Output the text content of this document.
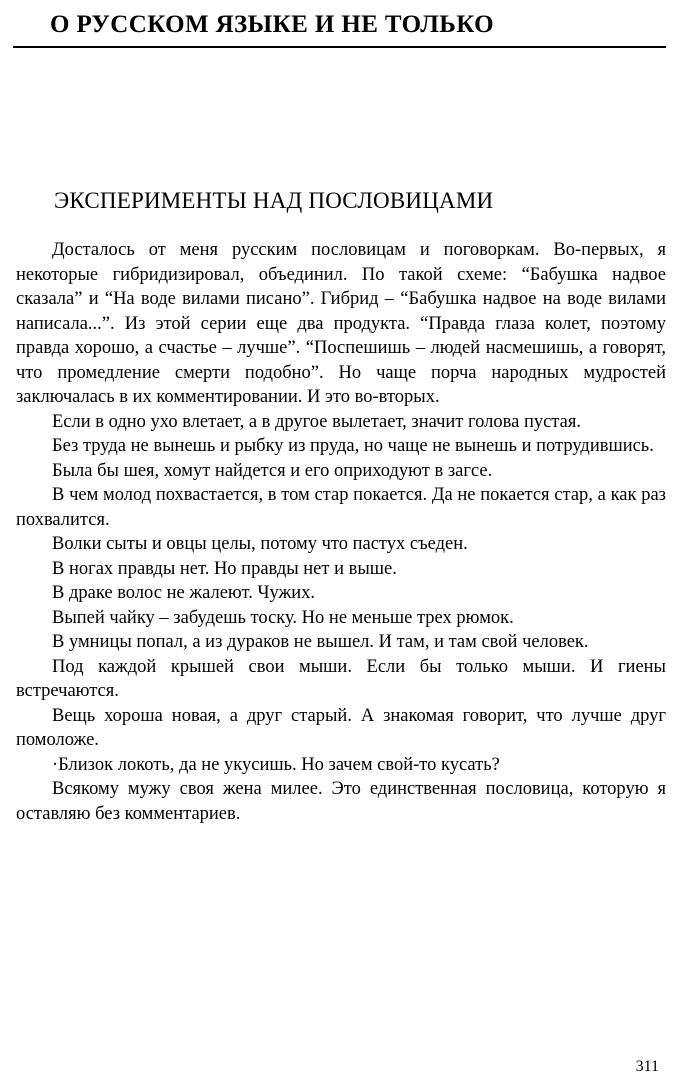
О РУССКОМ ЯЗЫКЕ И НЕ ТОЛЬКО
ЭКСПЕРИМЕНТЫ НАД ПОСЛОВИЦАМИ

Досталось от меня русским пословицам и поговоркам. Во-первых, я некоторые гибридизировал, объединил. По такой схеме: “Бабушка надвое сказала” и “На воде вилами писано”. Гибрид – “Бабушка надвое на воде вилами написала...”. Из этой серии еще два продукта. “Правда глаза колет, поэтому правда хорошо, а счастье – лучше”. “Поспешишь – людей насмешишь, а говорят, что промедление смерти подобно”. Но чаще порча народных мудростей заключалась в их комментировании. И это во-вторых.

Если в одно ухо влетает, а в другое вылетает, значит голова пустая.

Без труда не вынешь и рыбку из пруда, но чаще не вынешь и потрудившись.

Была бы шея, хомут найдется и его оприходуют в загсе.

В чем молод похвастается, в том стар покается. Да не покается стар, а как раз похвалится.

Волки сыты и овцы целы, потому что пастух съеден.

В ногах правды нет. Но правды нет и выше.

В драке волос не жалеют. Чужих.

Выпей чайку – забудешь тоску. Но не меньше трех рюмок.

В умницы попал, а из дураков не вышел. И там, и там свой человек.

Под каждой крышей свои мыши. Если бы только мыши. И гиены встречаются.

Вещь хороша новая, а друг старый. А знакомая говорит, что лучше друг помоложе.

·Близок локоть, да не укусишь. Но зачем свой-то кусать?

Всякому мужу своя жена милее. Это единственная пословица, которую я оставляю без комментариев.

311
